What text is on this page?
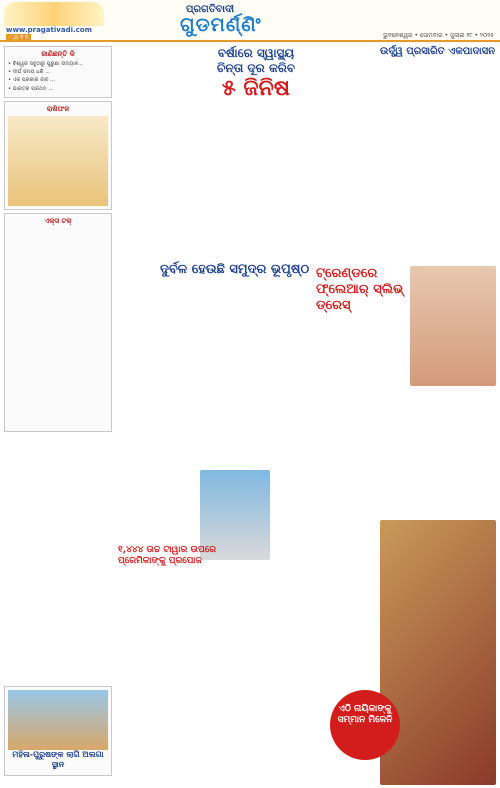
www.pragativadi.com
୍ଥ ୧ ୨
ପ୍ରଗତିବାଦୀ
ଗୁଡମର୍ଣ୍ଣିଂ	ଭୁବନେଶ୍ୱର • ସୋମବାର • ଜୁଲାଇ ୨୮ • ୨୦୨୫
ଜାଣିଛନ୍ତି କି
• ବିଶ୍ୱର ସବୁଠାରୁ ପୁରୁଣା ଉଦ୍ୟାନ...
• ଦୀର୍ଘ ସମୟ ଧରି ...
• ଏକ ପ୍ରକାର ଜୀବ ...
• ଭାରତର ପ୍ରଥମ ...
ରାଶିଫଳ
ଏକ୍ସ ଟକ୍
ମହିଳା-ପୁରୁଷଙ୍କ ଲାଗି ଅଲଗା ସ୍ଥାନ
ବର୍ଷାରେ ସ୍ୱାସ୍ଥ୍ୟ ଚିନ୍ତା ଦୂର କରିବ
୫ ଜିନିଷ
ଦୁର୍ବଳ ହେଉଛି ସମୁଦ୍ର ଭୂପୃଷ୍ଠ
୧,୪୪୪ ଉଚ୍ଚ ଟାୱାର ଉପରେ ପ୍ରେମିକାଙ୍କୁ ପ୍ରପୋଜ
ଉର୍ଦ୍ଧ୍ୱ ପ୍ରସାରିତ ଏକପାଦାସନ
ଟ୍ରେଣ୍ଡରେ ଫ୍ଲେଆର୍ ସ୍ଲିଭ୍ ଡ୍ରେସ୍
ଏଠି ନାୟିକାଙ୍କୁ ସମ୍ମାନ ମିଳେନି
